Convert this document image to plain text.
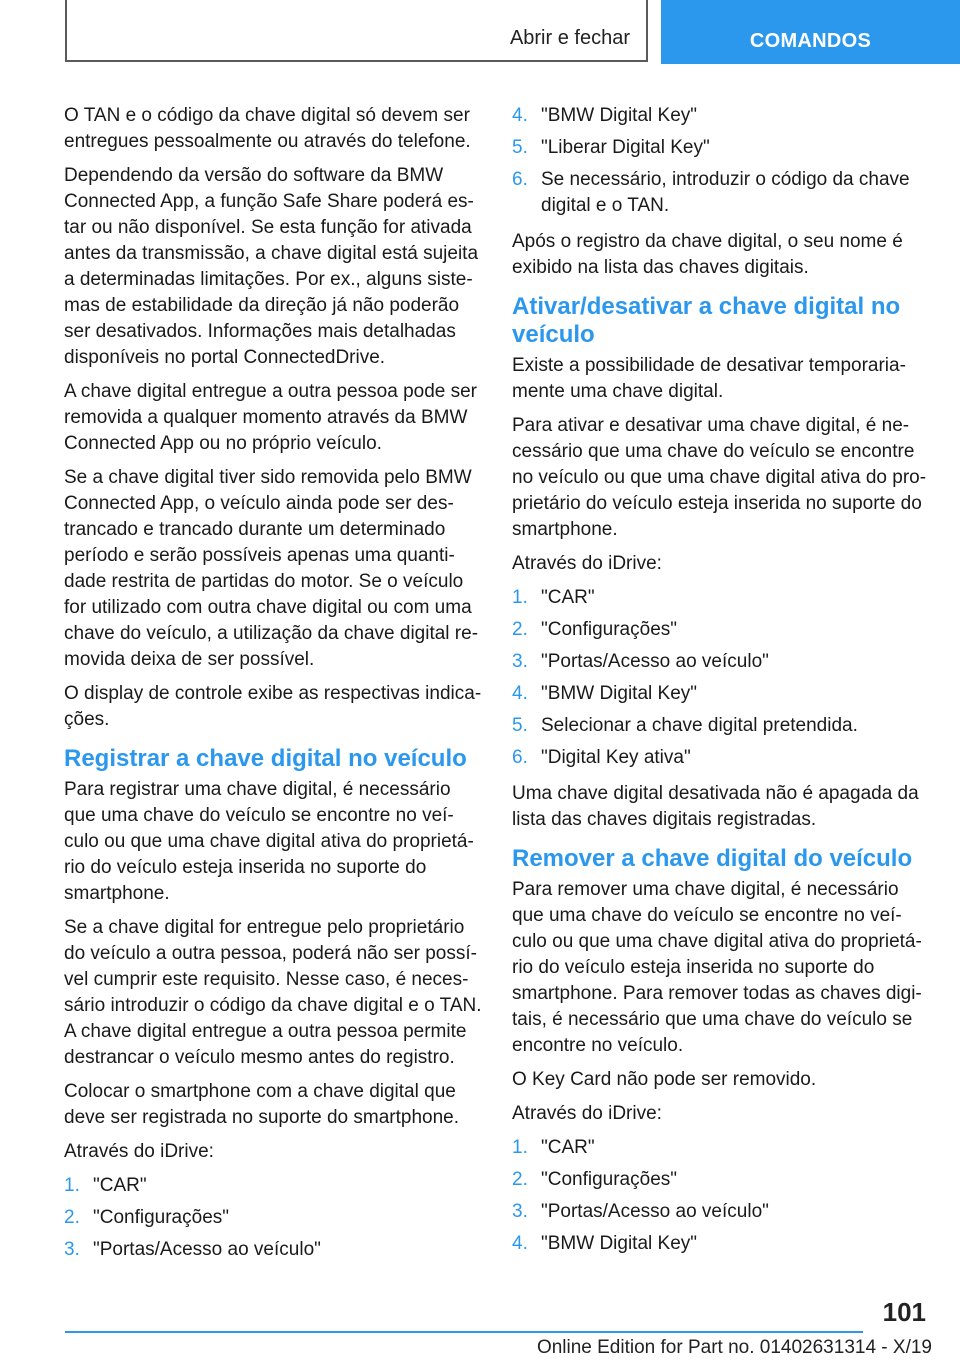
Abrir e fechar	COMANDOS

O TAN e o código da chave digital só devem ser entregues pessoalmente ou através do telefone.

Dependendo da versão do software da BMW Connected App, a função Safe Share poderá es- tar ou não disponível. Se esta função for ativada antes da transmissão, a chave digital está sujeita a determinadas limitações. Por ex., alguns siste- mas de estabilidade da direção já não poderão ser desativados. Informações mais detalhadas disponíveis no portal ConnectedDrive.

A chave digital entregue a outra pessoa pode ser removida a qualquer momento através da BMW Connected App ou no próprio veículo.

Se a chave digital tiver sido removida pelo BMW Connected App, o veículo ainda pode ser des- trancado e trancado durante um determinado período e serão possíveis apenas uma quanti- dade restrita de partidas do motor. Se o veículo for utilizado com outra chave digital ou com uma chave do veículo, a utilização da chave digital re- movida deixa de ser possível.

O display de controle exibe as respectivas indica- ções.

Registrar a chave digital no veículo

Para registrar uma chave digital, é necessário que uma chave do veículo se encontre no veí- culo ou que uma chave digital ativa do proprietá- rio do veículo esteja inserida no suporte do smartphone.

Se a chave digital for entregue pelo proprietário do veículo a outra pessoa, poderá não ser possí- vel cumprir este requisito. Nesse caso, é neces- sário introduzir o código da chave digital e o TAN. A chave digital entregue a outra pessoa permite destrancar o veículo mesmo antes do registro.

Colocar o smartphone com a chave digital que deve ser registrada no suporte do smartphone.

Através do iDrive:

1. "CAR"
2. "Configurações"
3. "Portas/Acesso ao veículo"
4. "BMW Digital Key"
5. "Liberar Digital Key"
6. Se necessário, introduzir o código da chave digital e o TAN.

Após o registro da chave digital, o seu nome é exibido na lista das chaves digitais.

Ativar/desativar a chave digital no veículo

Existe a possibilidade de desativar temporaria- mente uma chave digital.

Para ativar e desativar uma chave digital, é ne- cessário que uma chave do veículo se encontre no veículo ou que uma chave digital ativa do pro- prietário do veículo esteja inserida no suporte do smartphone.

Através do iDrive:

1. "CAR"
2. "Configurações"
3. "Portas/Acesso ao veículo"
4. "BMW Digital Key"
5. Selecionar a chave digital pretendida.
6. "Digital Key ativa"

Uma chave digital desativada não é apagada da lista das chaves digitais registradas.

Remover a chave digital do veículo

Para remover uma chave digital, é necessário que uma chave do veículo se encontre no veí- culo ou que uma chave digital ativa do proprietá- rio do veículo esteja inserida no suporte do smartphone. Para remover todas as chaves digi- tais, é necessário que uma chave do veículo se encontre no veículo.

O Key Card não pode ser removido.

Através do iDrive:

1. "CAR"
2. "Configurações"
3. "Portas/Acesso ao veículo"
4. "BMW Digital Key"
101
Online Edition for Part no. 01402631314 - X/19
